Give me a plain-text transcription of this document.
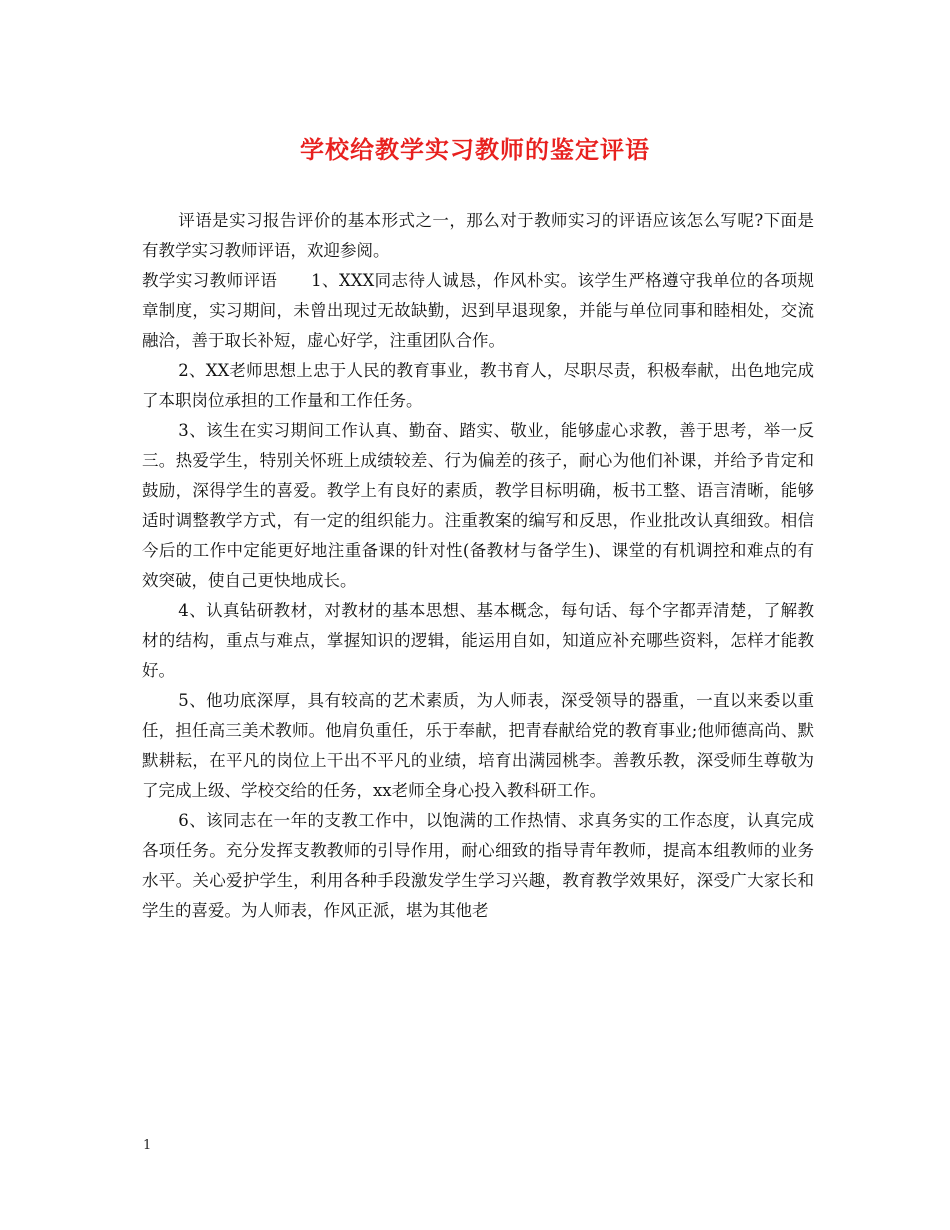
学校给教学实习教师的鉴定评语

评语是实习报告评价的基本形式之一，那么对于教师实习的评语应该怎么写呢?下面是有教学实习教师评语，欢迎参阅。

教学实习教师评语　　1、XXX同志待人诚恳，作风朴实。该学生严格遵守我单位的各项规章制度，实习期间，未曾出现过无故缺勤，迟到早退现象，并能与单位同事和睦相处，交流融洽，善于取长补短，虚心好学，注重团队合作。

2、XX老师思想上忠于人民的教育事业，教书育人，尽职尽责，积极奉献，出色地完成了本职岗位承担的工作量和工作任务。

3、该生在实习期间工作认真、勤奋、踏实、敬业，能够虚心求教，善于思考，举一反三。热爱学生，特别关怀班上成绩较差、行为偏差的孩子，耐心为他们补课，并给予肯定和鼓励，深得学生的喜爱。教学上有良好的素质，教学目标明确，板书工整、语言清晰，能够适时调整教学方式，有一定的组织能力。注重教案的编写和反思，作业批改认真细致。相信今后的工作中定能更好地注重备课的针对性(备教材与备学生)、课堂的有机调控和难点的有效突破，使自己更快地成长。

4、认真钻研教材，对教材的基本思想、基本概念，每句话、每个字都弄清楚，了解教材的结构，重点与难点，掌握知识的逻辑，能运用自如，知道应补充哪些资料，怎样才能教好。

5、他功底深厚，具有较高的艺术素质，为人师表，深受领导的器重，一直以来委以重任，担任高三美术教师。他肩负重任，乐于奉献，把青春献给党的教育事业;他师德高尚、默默耕耘，在平凡的岗位上干出不平凡的业绩，培育出满园桃李。善教乐教，深受师生尊敬为了完成上级、学校交给的任务，xx老师全身心投入教科研工作。

6、该同志在一年的支教工作中，以饱满的工作热情、求真务实的工作态度，认真完成各项任务。充分发挥支教教师的引导作用，耐心细致的指导青年教师，提高本组教师的业务水平。关心爱护学生，利用各种手段激发学生学习兴趣，教育教学效果好，深受广大家长和学生的喜爱。为人师表，作风正派，堪为其他老

1
